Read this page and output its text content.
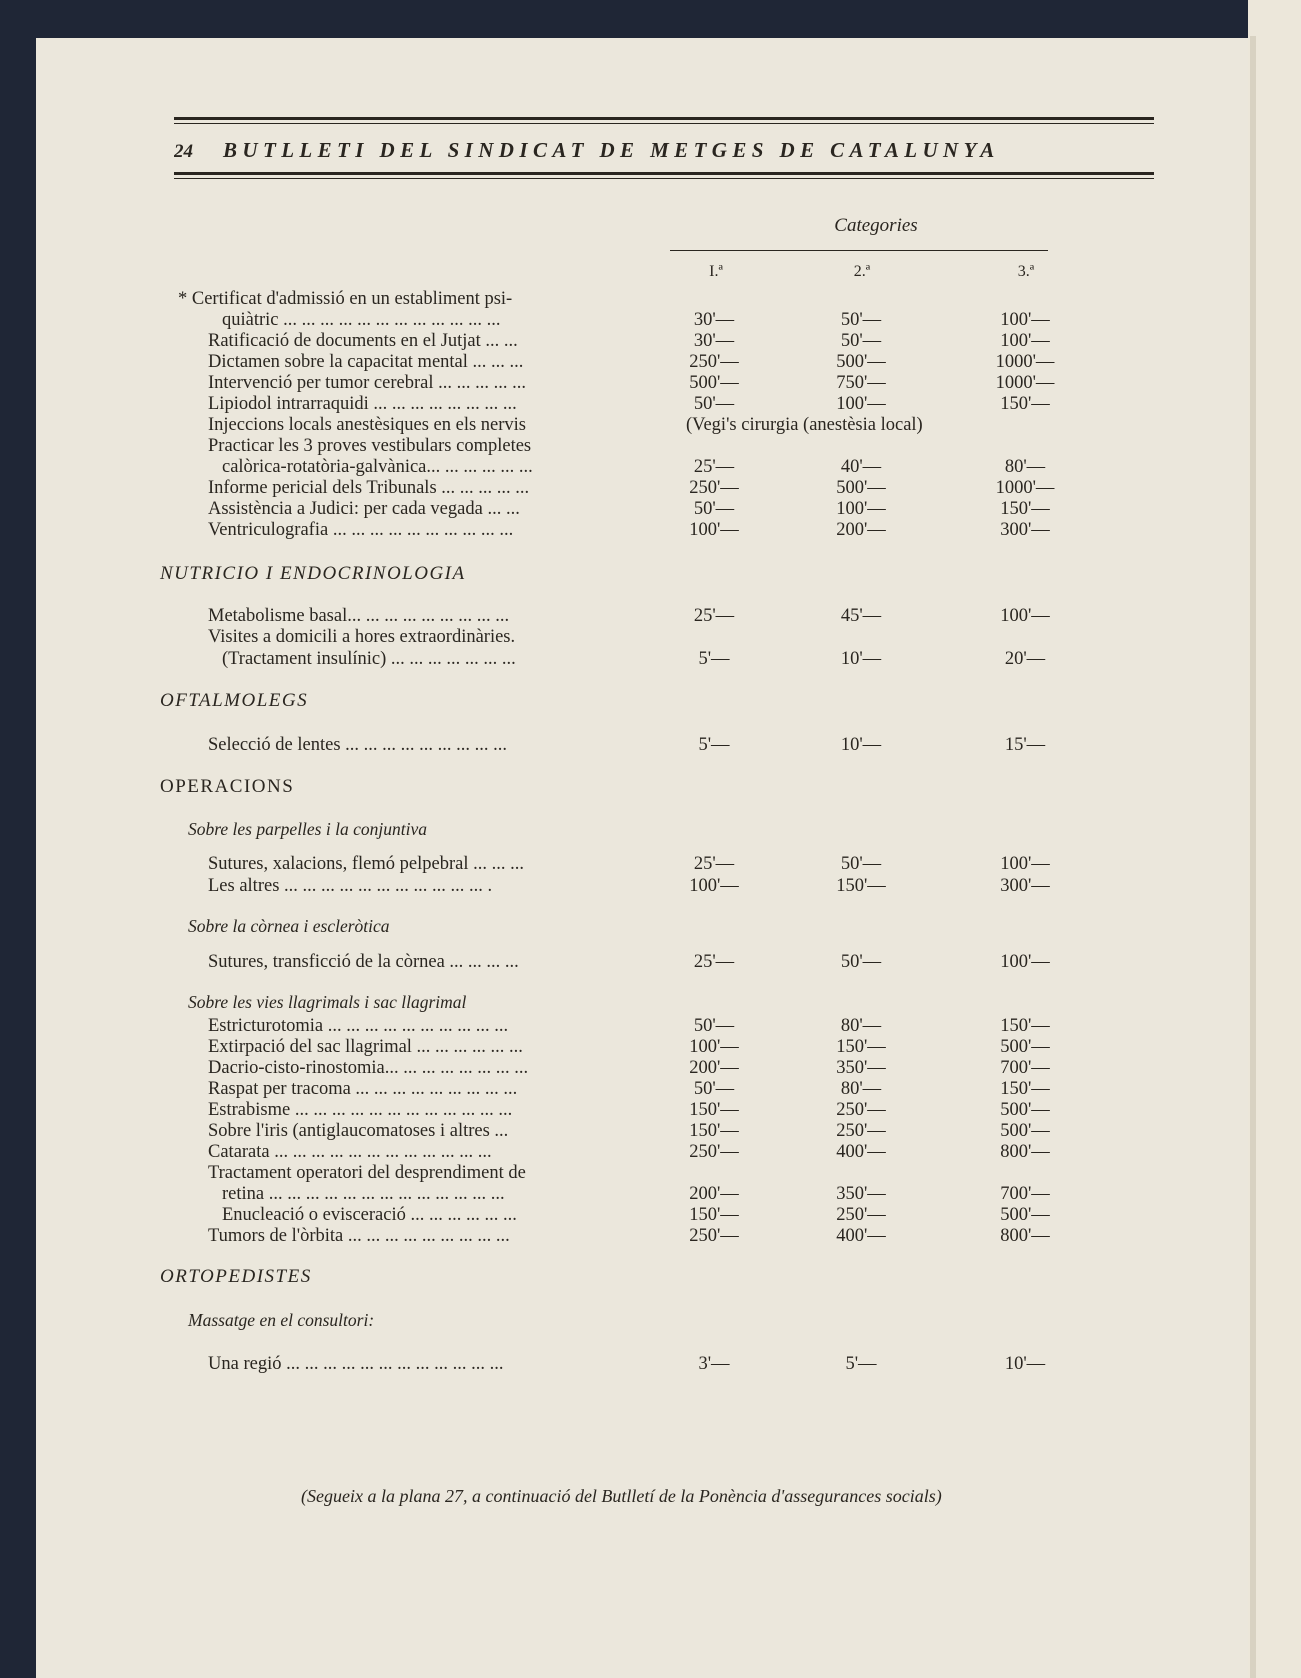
24 BUTLLETI DEL SINDICAT DE METGES DE CATALUNYA
Categories
I.ª	2.ª	3.ª
* Certificat d'admissió en un establiment psi-
quiàtric ... ... ... ... ... ... ... ... ... ... ... ...	30'—	50'—	100'—
Ratificació de documents en el Jutjat ... ...	30'—	50'—	100'—
Dictamen sobre la capacitat mental ... ... ...	250'—	500'—	1000'—
Intervenció per tumor cerebral ... ... ... ... ...	500'—	750'—	1000'—
Lipiodol intrarraquidi ... ... ... ... ... ... ... ...	50'—	100'—	150'—
Injeccions locals anestèsiques en els nervis	(Vegi's cirurgia (anestèsia local)
Practicar les 3 proves vestibulars completes
calòrica-rotatòria-galvànica... ... ... ... ... ...	25'—	40'—	80'—
Informe pericial dels Tribunals ... ... ... ... ...	250'—	500'—	1000'—
Assistència a Judici: per cada vegada ... ...	50'—	100'—	150'—
Ventriculografia ... ... ... ... ... ... ... ... ... ...	100'—	200'—	300'—
NUTRICIO I ENDOCRINOLOGIA
Metabolisme basal... ... ... ... ... ... ... ... ...	25'—	45'—	100'—
Visites a domicili a hores extraordinàries.
(Tractament insulínic) ... ... ... ... ... ... ...	5'—	10'—	20'—
OFTALMOLEGS
Selecció de lentes ... ... ... ... ... ... ... ... ...	5'—	10'—	15'—
OPERACIONS
Sobre les parpelles i la conjuntiva
Sutures, xalacions, flemó pelpebral ... ... ...	25'—	50'—	100'—
Les altres ... ... ... ... ... ... ... ... ... ... ... .	100'—	150'—	300'—
Sobre la còrnea i escleròtica
Sutures, transficció de la còrnea ... ... ... ...	25'—	50'—	100'—
Sobre les vies llagrimals i sac llagrimal
Estricturotomia ... ... ... ... ... ... ... ... ... ...	50'—	80'—	150'—
Extirpació del sac llagrimal ... ... ... ... ... ...	100'—	150'—	500'—
Dacrio-cisto-rinostomia... ... ... ... ... ... ... ...	200'—	350'—	700'—
Raspat per tracoma ... ... ... ... ... ... ... ... ...	50'—	80'—	150'—
Estrabisme ... ... ... ... ... ... ... ... ... ... ... ...	150'—	250'—	500'—
Sobre l'iris (antiglaucomatoses i altres ...	150'—	250'—	500'—
Catarata ... ... ... ... ... ... ... ... ... ... ... ...	250'—	400'—	800'—
Tractament operatori del desprendiment de
retina ... ... ... ... ... ... ... ... ... ... ... ... ...	200'—	350'—	700'—
Enucleació o evisceració ... ... ... ... ... ...	150'—	250'—	500'—
Tumors de l'òrbita ... ... ... ... ... ... ... ... ...	250'—	400'—	800'—
ORTOPEDISTES
Massatge en el consultori:
Una regió ... ... ... ... ... ... ... ... ... ... ... ...	3'—	5'—	10'—
(Segueix a la plana 27, a continuació del Butlletí de la Ponència d'assegurances socials)
